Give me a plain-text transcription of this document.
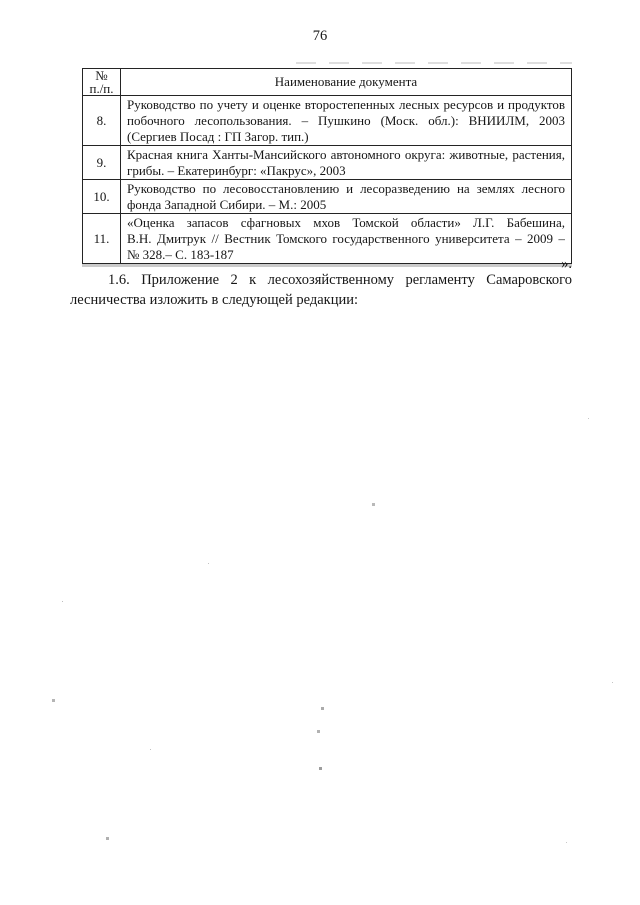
76
№
п./п.	Наименование документа
8.	Руководство по учету и оценке второстепенных лесных ресурсов и продуктов
побочного лесопользования. – Пушкино (Моск. обл.): ВНИИЛМ, 2003
(Сергиев Посад : ГП Загор. тип.)

9.	Красная книга Ханты-Мансийского автономного округа: животные, растения,
грибы. – Екатеринбург: «Пакрус», 2003

10.	Руководство по лесовосстановлению и лесоразведению на землях лесного
фонда Западной Сибири. – М.: 2005

11.	«Оценка запасов сфагновых мхов Томской области» Л.Г. Бабешина,
В.Н. Дмитрук // Вестник Томского государственного университета – 2009 –
№ 328.– С. 183-187
».
1.6. Приложение 2 к лесохозяйственному регламенту Самаровского
лесничества изложить в следующей редакции:
